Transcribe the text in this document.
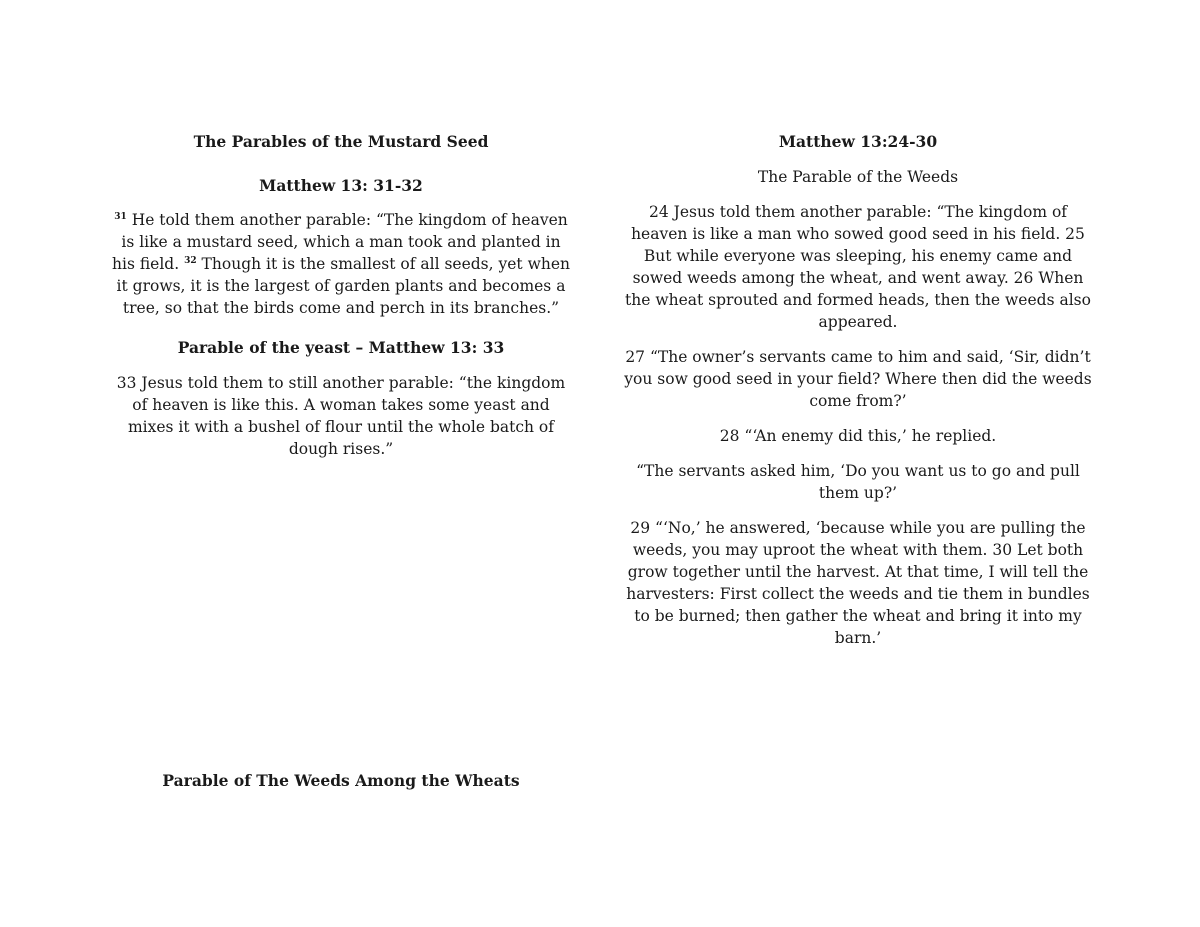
The Parables of the Mustard Seed

Matthew 13: 31-32

$^{31}$ He told them another parable: “The kingdom of heaven is like a mustard seed, which a man took and planted in his field. $^{32}$ Though it is the smallest of all seeds, yet when it grows, it is the largest of garden plants and becomes a tree, so that the birds come and perch in its branches.”

Parable of the yeast – Matthew 13: 33

33 Jesus told them to still another parable: “the kingdom of heaven is like this. A woman takes some yeast and mixes it with a bushel of flour until the whole batch of dough rises.”

Parable of The Weeds Among the Wheats

Matthew 13:24-30

The Parable of the Weeds

24 Jesus told them another parable: “The kingdom of heaven is like a man who sowed good seed in his field. 25 But while everyone was sleeping, his enemy came and sowed weeds among the wheat, and went away. 26 When the wheat sprouted and formed heads, then the weeds also appeared.

27 “The owner’s servants came to him and said, ‘Sir, didn’t you sow good seed in your field? Where then did the weeds come from?’

28 “‘An enemy did this,’ he replied.

“The servants asked him, ‘Do you want us to go and pull them up?’

29 “‘No,’ he answered, ‘because while you are pulling the weeds, you may uproot the wheat with them. 30 Let both grow together until the harvest. At that time, I will tell the harvesters: First collect the weeds and tie them in bundles to be burned; then gather the wheat and bring it into my barn.’
